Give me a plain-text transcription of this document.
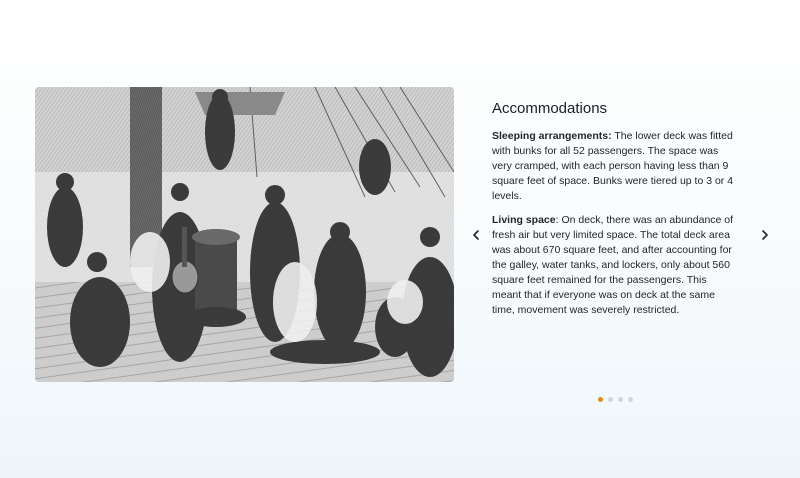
Accommodations

Sleeping arrangements: The lower deck was fitted with bunks for all 52 passengers. The space was very cramped, with each person having less than 9 square feet of space. Bunks were tiered up to 3 or 4 levels.

Living space: On deck, there was an abundance of fresh air but very limited space. The total deck area was about 670 square feet, and after accounting for the galley, water tanks, and lockers, only about 560 square feet remained for the passengers. This meant that if everyone was on deck at the same time, movement was severely restricted.
